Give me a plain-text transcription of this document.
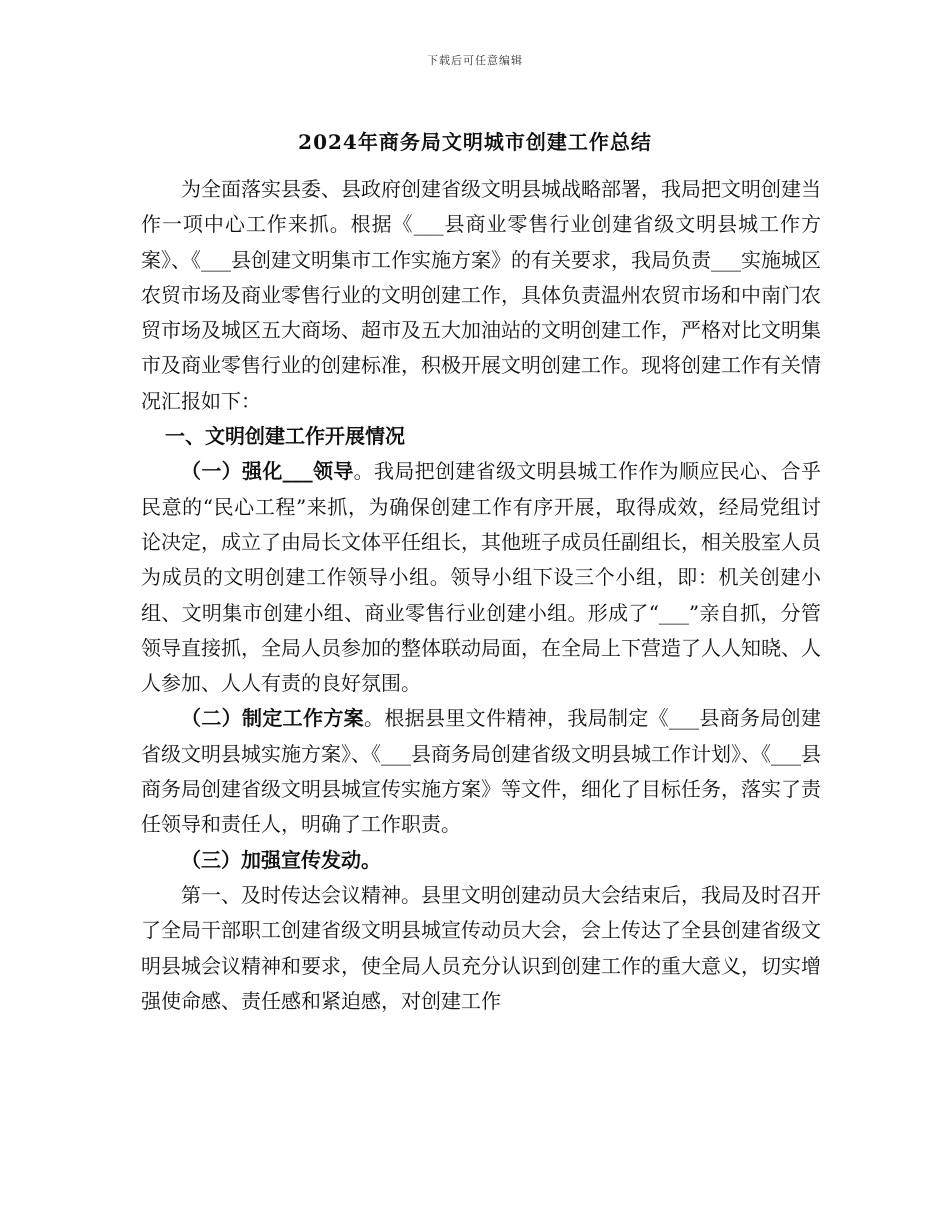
下载后可任意编辑
2024年商务局文明城市创建工作总结

为全面落实县委、县政府创建省级文明县城战略部署，我局把文明创建当作一项中心工作来抓。根据《___县商业零售行业创建省级文明县城工作方案》、《___县创建文明集市工作实施方案》的有关要求，我局负责___实施城区农贸市场及商业零售行业的文明创建工作，具体负责温州农贸市场和中南门农贸市场及城区五大商场、超市及五大加油站的文明创建工作，严格对比文明集市及商业零售行业的创建标准，积极开展文明创建工作。现将创建工作有关情况汇报如下：

一、文明创建工作开展情况

（一）强化___领导。我局把创建省级文明县城工作作为顺应民心、合乎民意的“民心工程”来抓，为确保创建工作有序开展，取得成效，经局党组讨论决定，成立了由局长文体平任组长，其他班子成员任副组长，相关股室人员为成员的文明创建工作领导小组。领导小组下设三个小组，即：机关创建小组、文明集市创建小组、商业零售行业创建小组。形成了“___”亲自抓，分管领导直接抓，全局人员参加的整体联动局面，在全局上下营造了人人知晓、人人参加、人人有责的良好氛围。

（二）制定工作方案。根据县里文件精神，我局制定《___县商务局创建省级文明县城实施方案》、《___县商务局创建省级文明县城工作计划》、《___县商务局创建省级文明县城宣传实施方案》等文件，细化了目标任务，落实了责任领导和责任人，明确了工作职责。

（三）加强宣传发动。

第一、及时传达会议精神。县里文明创建动员大会结束后，我局及时召开了全局干部职工创建省级文明县城宣传动员大会，会上传达了全县创建省级文明县城会议精神和要求，使全局人员充分认识到创建工作的重大意义，切实增强使命感、责任感和紧迫感，对创建工作
